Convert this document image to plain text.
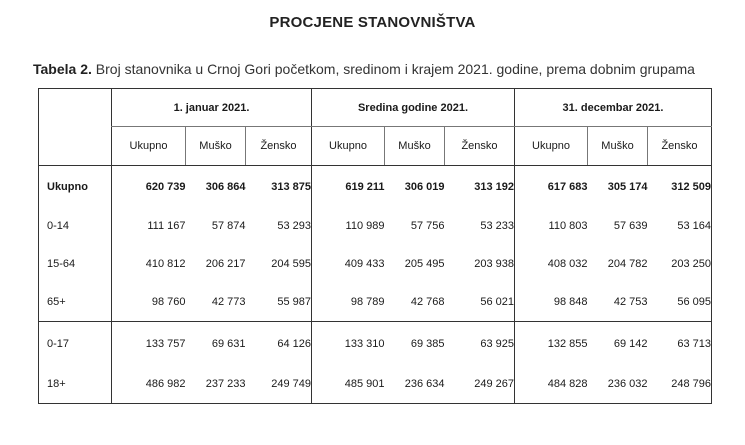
PROCJENE STANOVNIŠTVA
Tabela 2. Broj stanovnika u Crnoj Gori početkom, sredinom i krajem 2021. godine, prema dobnim grupama
	1. januar 2021.			Sredina godine 2021.			31. decembar 2021.		
	Ukupno	Muško	Žensko	Ukupno	Muško	Žensko	Ukupno	Muško	Žensko
Ukupno	620 739	306 864	313 875	619 211	306 019	313 192	617 683	305 174	312 509
0-14	111 167	57 874	53 293	110 989	57 756	53 233	110 803	57 639	53 164
15-64	410 812	206 217	204 595	409 433	205 495	203 938	408 032	204 782	203 250
65+	98 760	42 773	55 987	98 789	42 768	56 021	98 848	42 753	56 095
0-17	133 757	69 631	64 126	133 310	69 385	63 925	132 855	69 142	63 713
18+	486 982	237 233	249 749	485 901	236 634	249 267	484 828	236 032	248 796
